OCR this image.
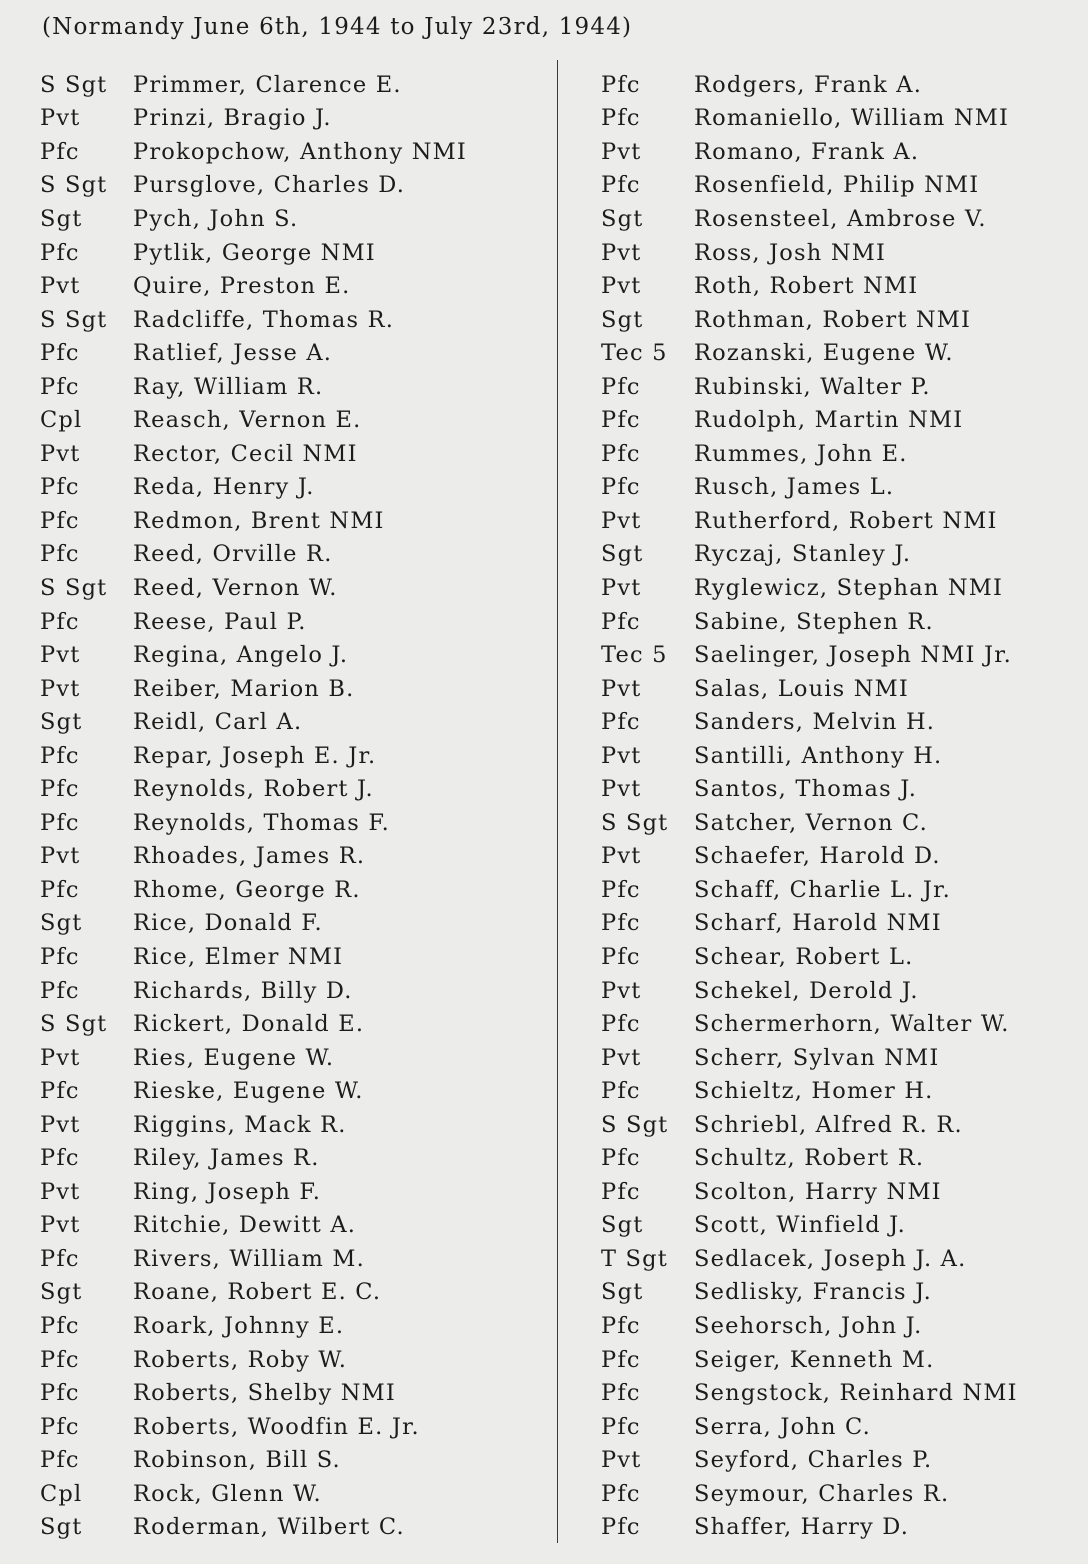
(Normandy June 6th, 1944 to July 23rd, 1944)
S Sgt	Primmer, Clarence E.
Pvt	Prinzi, Bragio J.
Pfc	Prokopchow, Anthony NMI
S Sgt	Pursglove, Charles D.
Sgt	Pych, John S.
Pfc	Pytlik, George NMI
Pvt	Quire, Preston E.
S Sgt	Radcliffe, Thomas R.
Pfc	Ratlief, Jesse A.
Pfc	Ray, William R.
Cpl	Reasch, Vernon E.
Pvt	Rector, Cecil NMI
Pfc	Reda, Henry J.
Pfc	Redmon, Brent NMI
Pfc	Reed, Orville R.
S Sgt	Reed, Vernon W.
Pfc	Reese, Paul P.
Pvt	Regina, Angelo J.
Pvt	Reiber, Marion B.
Sgt	Reidl, Carl A.
Pfc	Repar, Joseph E. Jr.
Pfc	Reynolds, Robert J.
Pfc	Reynolds, Thomas F.
Pvt	Rhoades, James R.
Pfc	Rhome, George R.
Sgt	Rice, Donald F.
Pfc	Rice, Elmer NMI
Pfc	Richards, Billy D.
S Sgt	Rickert, Donald E.
Pvt	Ries, Eugene W.
Pfc	Rieske, Eugene W.
Pvt	Riggins, Mack R.
Pfc	Riley, James R.
Pvt	Ring, Joseph F.
Pvt	Ritchie, Dewitt A.
Pfc	Rivers, William M.
Sgt	Roane, Robert E. C.
Pfc	Roark, Johnny E.
Pfc	Roberts, Roby W.
Pfc	Roberts, Shelby NMI
Pfc	Roberts, Woodfin E. Jr.
Pfc	Robinson, Bill S.
Cpl	Rock, Glenn W.
Sgt	Roderman, Wilbert C.
Pfc	Rodgers, Frank A.
Pfc	Romaniello, William NMI
Pvt	Romano, Frank A.
Pfc	Rosenfield, Philip NMI
Sgt	Rosensteel, Ambrose V.
Pvt	Ross, Josh NMI
Pvt	Roth, Robert NMI
Sgt	Rothman, Robert NMI
Tec 5	Rozanski, Eugene W.
Pfc	Rubinski, Walter P.
Pfc	Rudolph, Martin NMI
Pfc	Rummes, John E.
Pfc	Rusch, James L.
Pvt	Rutherford, Robert NMI
Sgt	Ryczaj, Stanley J.
Pvt	Ryglewicz, Stephan NMI
Pfc	Sabine, Stephen R.
Tec 5	Saelinger, Joseph NMI Jr.
Pvt	Salas, Louis NMI
Pfc	Sanders, Melvin H.
Pvt	Santilli, Anthony H.
Pvt	Santos, Thomas J.
S Sgt	Satcher, Vernon C.
Pvt	Schaefer, Harold D.
Pfc	Schaff, Charlie L. Jr.
Pfc	Scharf, Harold NMI
Pfc	Schear, Robert L.
Pvt	Schekel, Derold J.
Pfc	Schermerhorn, Walter W.
Pvt	Scherr, Sylvan NMI
Pfc	Schieltz, Homer H.
S Sgt	Schriebl, Alfred R. R.
Pfc	Schultz, Robert R.
Pfc	Scolton, Harry NMI
Sgt	Scott, Winfield J.
T Sgt	Sedlacek, Joseph J. A.
Sgt	Sedlisky, Francis J.
Pfc	Seehorsch, John J.
Pfc	Seiger, Kenneth M.
Pfc	Sengstock, Reinhard NMI
Pfc	Serra, John C.
Pvt	Seyford, Charles P.
Pfc	Seymour, Charles R.
Pfc	Shaffer, Harry D.
